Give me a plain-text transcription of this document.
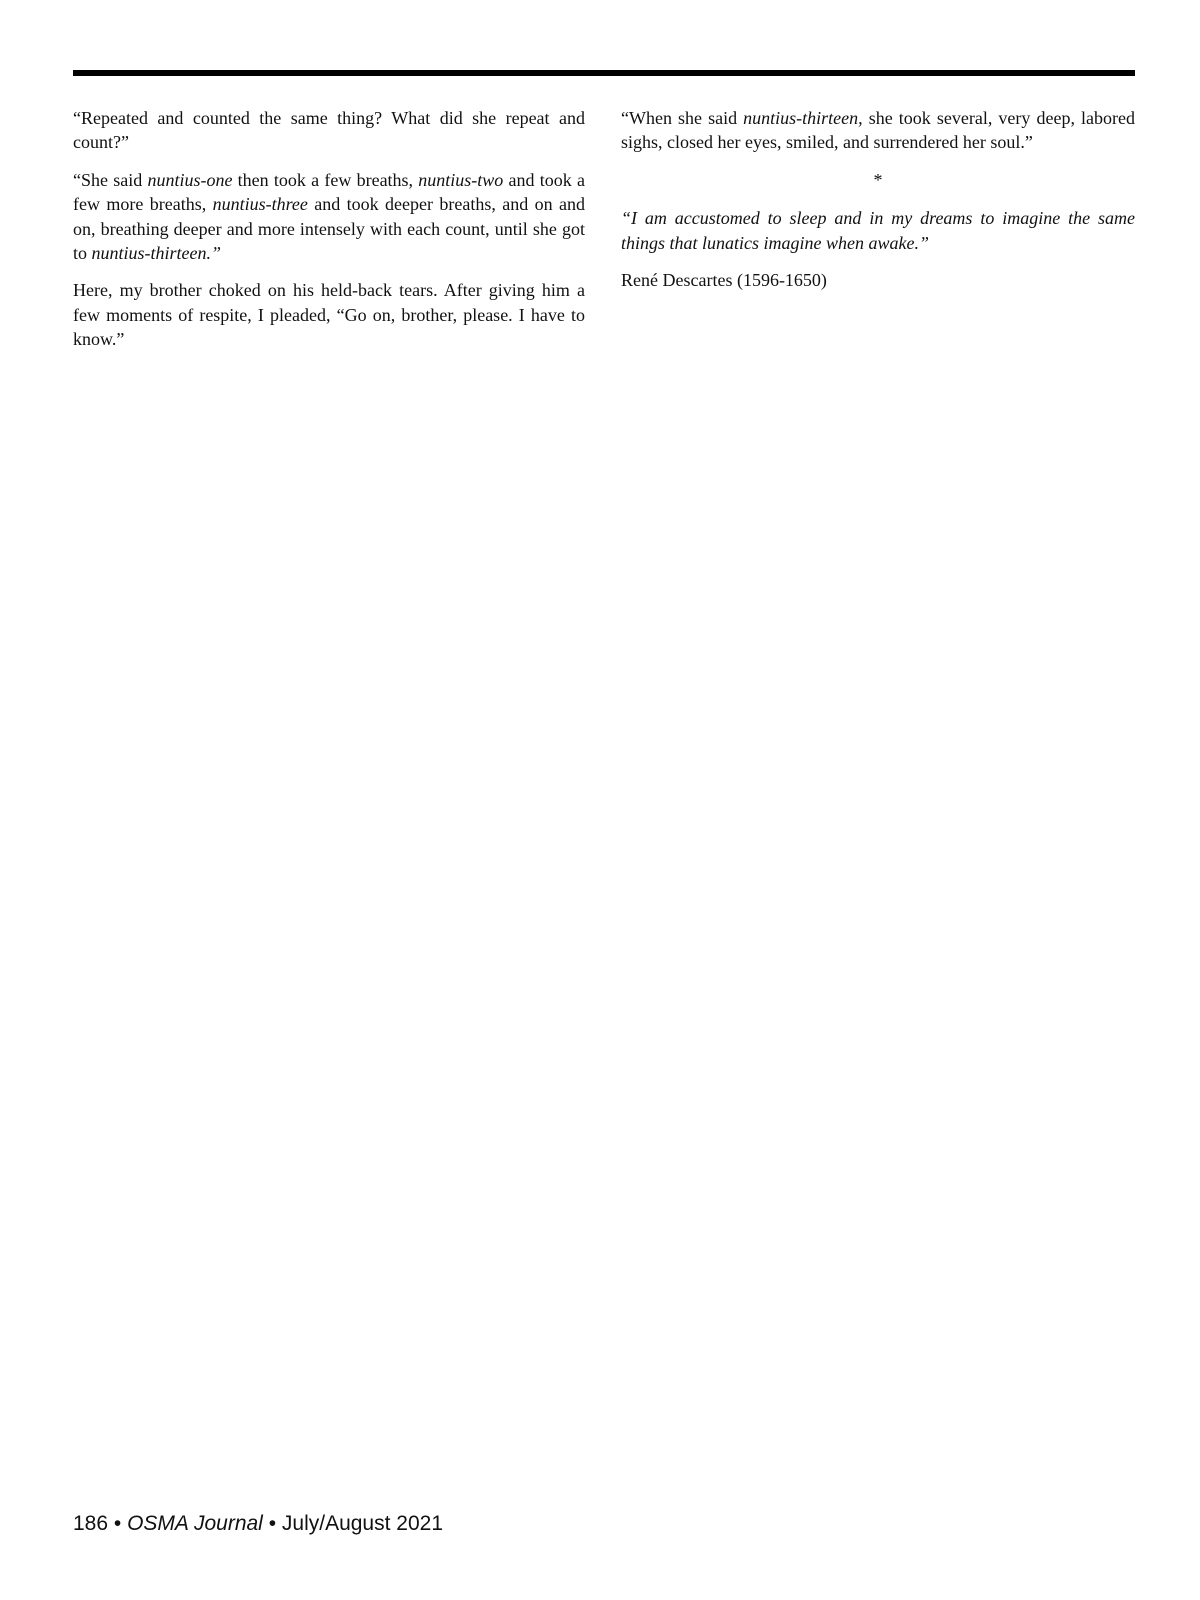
“Repeated and counted the same thing? What did she repeat and count?”

“She said nuntius-one then took a few breaths, nuntius-two and took a few more breaths, nuntius-three and took deeper breaths, and on and on, breathing deeper and more intensely with each count, until she got to nuntius-thirteen.”

Here, my brother choked on his held-back tears. After giving him a few moments of respite, I pleaded, “Go on, brother, please. I have to know.”

“When she said nuntius-thirteen, she took several, very deep, labored sighs, closed her eyes, smiled, and surrendered her soul.”

*

“I am accustomed to sleep and in my dreams to imagine the same things that lunatics imagine when awake.”

René Descartes (1596-1650)

186 • OSMA Journal • July/August 2021
